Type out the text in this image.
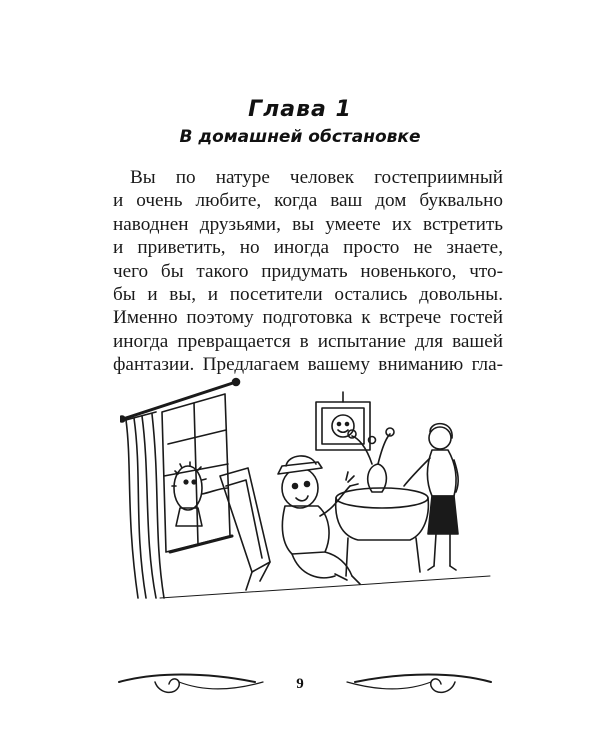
Глава 1
В домашней обстановке
Вы по натуре человек гостеприимный
и очень любите, когда ваш дом буквально
наводнен друзьями, вы умеете их встретить
и приветить, но иногда просто не знаете,
чего бы такого придумать новенького, что-
бы и вы, и посетители остались довольны.
Именно поэтому подготовка к встрече гостей
иногда превращается в испытание для вашей
фантазии. Предлагаем вашему вниманию гла-
9
